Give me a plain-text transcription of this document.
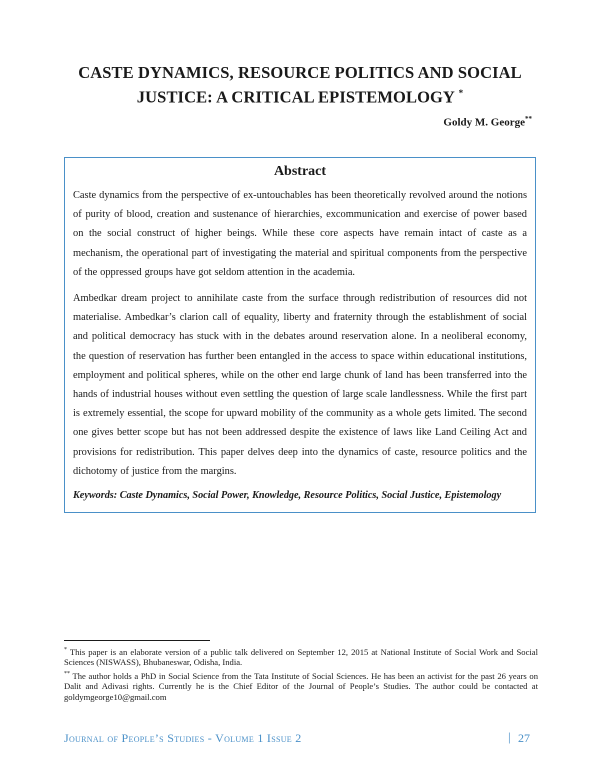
CASTE DYNAMICS, RESOURCE POLITICS AND SOCIAL JUSTICE: A CRITICAL EPISTEMOLOGY *
Goldy M. George**

Abstract

Caste dynamics from the perspective of ex-untouchables has been theoretically revolved around the notions of purity of blood, creation and sustenance of hierarchies, excommunication and exercise of power based on the social construct of higher beings. While these core aspects have remain intact of caste as a mechanism, the operational part of investigating the material and spiritual components from the perspective of the oppressed groups have got seldom attention in the academia.

Ambedkar dream project to annihilate caste from the surface through redistribution of resources did not materialise. Ambedkar’s clarion call of equality, liberty and fraternity through the establishment of social and political democracy has stuck with in the debates around reservation alone. In a neoliberal economy, the question of reservation has further been entangled in the access to space within educational institutions, employment and political spheres, while on the other end large chunk of land has been transferred into the hands of industrial houses without even settling the question of large scale landlessness. While the first part is extremely essential, the scope for upward mobility of the community as a whole gets limited. The second one gives better scope but has not been addressed despite the existence of laws like Land Ceiling Act and provisions for redistribution. This paper delves deep into the dynamics of caste, resource politics and the dichotomy of justice from the margins.

Keywords: Caste Dynamics, Social Power, Knowledge, Resource Politics, Social Justice, Epistemology

* This paper is an elaborate version of a public talk delivered on September 12, 2015 at National Institute of Social Work and Social Sciences (NISWASS), Bhubaneswar, Odisha, India.
** The author holds a PhD in Social Science from the Tata Institute of Social Sciences. He has been an activist for the past 26 years on Dalit and Adivasi rights. Currently he is the Chief Editor of the Journal of People’s Studies. The author could be contacted at goldymgeorge10@gmail.com
Journal of People’s Studies - Volume 1 Issue 2	| 27
